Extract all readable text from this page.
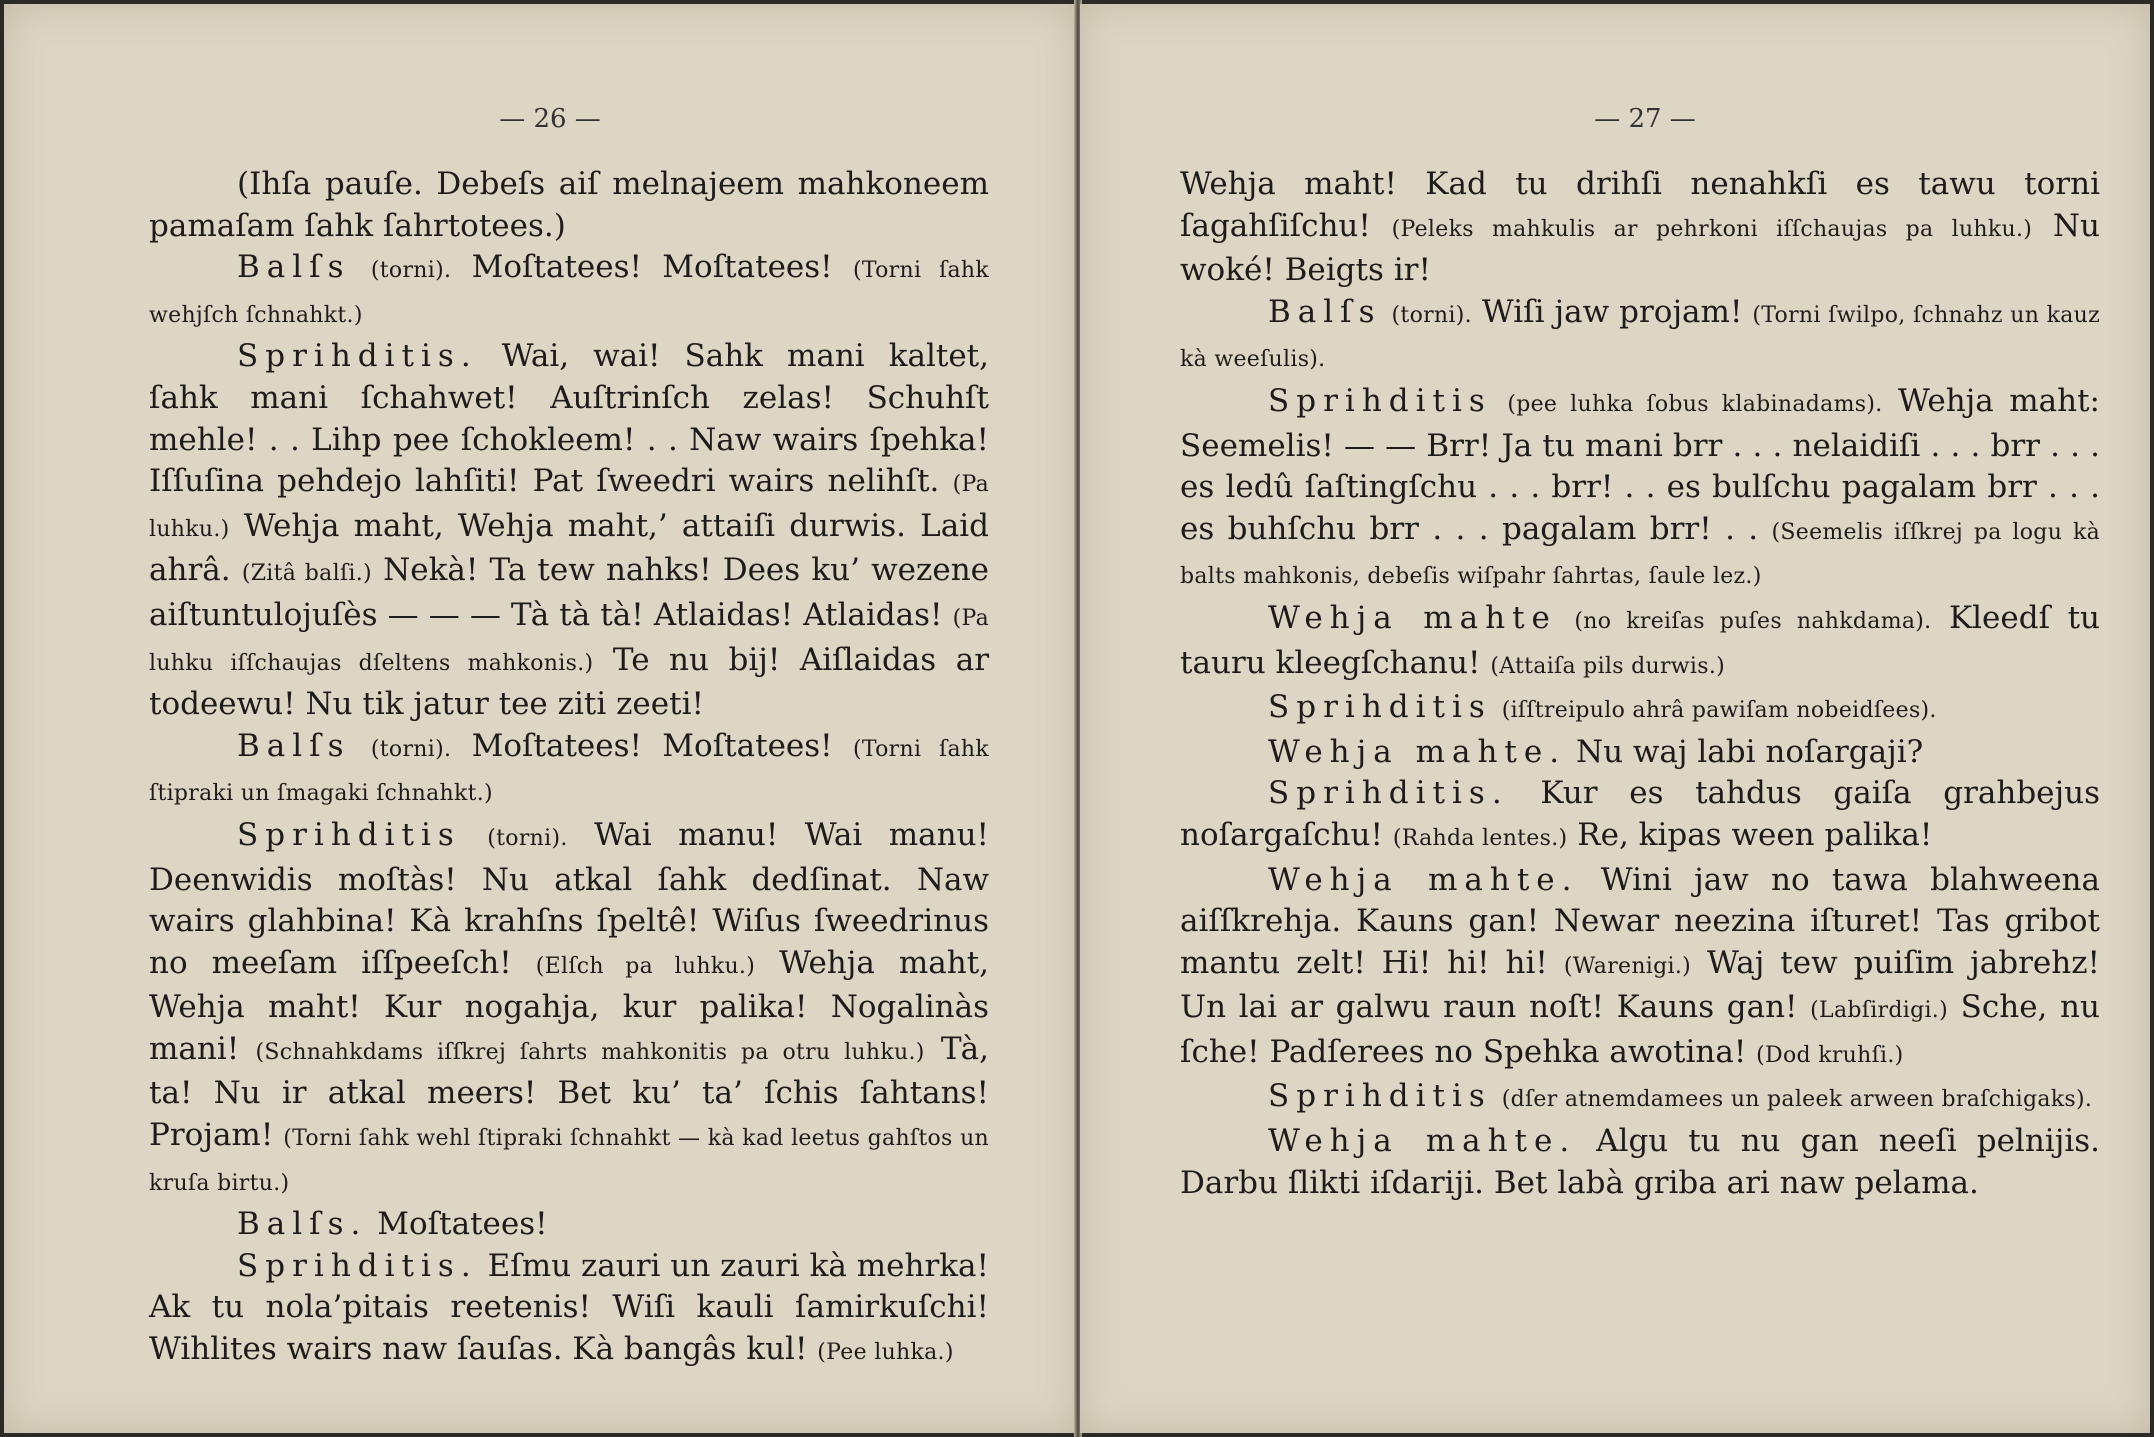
— 26 —

(Ihſa pauſe. Debeſs aiſ melnajeem mahkoneem pamaſam ſahk ſahrtotees.)

Balſs (torni). Moſtatees! Moſtatees! (Torni ſahk wehjſch ſchnahkt.)

Sprihditis. Wai, wai! Sahk mani kaltet, ſahk mani ſchahwet! Auſtrinſch zelas! Schuhſt mehle! . . Lihp pee ſchokleem! . . Naw wairs ſpehka! Iſſuſina pehdejo lahſiti! Pat ſweedri wairs nelihſt. (Pa luhku.) Wehja maht, Wehja maht,’ attaiſi durwis. Laid ahrâ. (Zitâ balſi.) Nekà! Ta tew nahks! Dees ku’ wezene aiſtuntulojuſès — — — Tà tà tà! Atlaidas! Atlaidas! (Pa luhku iſſchaujas dſeltens mahkonis.) Te nu bij! Aiſlaidas ar todeewu! Nu tik jatur tee ziti zeeti!

Balſs (torni). Moſtatees! Moſtatees! (Torni ſahk ſtipraki un ſmagaki ſchnahkt.)

Sprihditis (torni). Wai manu! Wai manu! Deenwidis moſtàs! Nu atkal ſahk dedſinat. Naw wairs glahbina! Kà krahſns ſpeltê! Wiſus ſweedrinus no meeſam iſſpeeſch! (Elſch pa luhku.) Wehja maht, Wehja maht! Kur nogahja, kur palika! Nogalinàs mani! (Schnahkdams iſſkrej ſahrts mahkonitis pa otru luhku.) Tà, ta! Nu ir atkal meers! Bet ku’ ta’ ſchis ſahtans! Projam! (Torni ſahk wehl ſtipraki ſchnahkt — kà kad leetus gahſtos un kruſa birtu.)

Balſs. Moſtatees!

Sprihditis. Eſmu zauri un zauri kà mehrka! Ak tu nola’pitais reetenis! Wiſi kauli ſamirkuſchi! Wihlites wairs naw ſauſas. Kà bangâs kul! (Pee luhka.)

— 27 —

Wehja maht! Kad tu drihſi nenahkſi es tawu torni ſagahſiſchu! (Peleks mahkulis ar pehrkoni iſſchaujas pa luhku.) Nu woké! Beigts ir!

Balſs (torni). Wiſi jaw projam! (Torni ſwilpo, ſchnahz un kauz kà weeſulis).

Sprihditis (pee luhka ſobus klabinadams). Wehja maht: Seemelis! — — Brr! Ja tu mani brr . . . nelaidiſi . . . brr . . . es ledû ſaſtingſchu . . . brr! . . es bulſchu pagalam brr . . . es buhſchu brr . . . pagalam brr! . . (Seemelis iſſkrej pa logu kà balts mahkonis, debeſis wiſpahr ſahrtas, ſaule lez.)

Wehja mahte (no kreiſas puſes nahkdama). Kleedſ tu tauru kleegſchanu! (Attaiſa pils durwis.)

Sprihditis (iſſtreipulo ahrâ pawiſam nobeidſees).

Wehja mahte. Nu waj labi noſargaji?

Sprihditis. Kur es tahdus gaiſa grahbejus noſargaſchu! (Rahda lentes.) Re, kipas ween palika!

Wehja mahte. Wini jaw no tawa blahweena aiſſkrehja. Kauns gan! Newar neezina iſturet! Tas gribot mantu zelt! Hi! hi! hi! (Warenigi.) Waj tew puiſim jabrehz! Un lai ar galwu raun noſt! Kauns gan! (Labſirdigi.) Sche, nu ſche! Padſerees no Spehka awotina! (Dod kruhſi.)

Sprihditis (dſer atnemdamees un paleek arween braſchigaks).

Wehja mahte. Algu tu nu gan neeſi pelnijis. Darbu ſlikti iſdariji. Bet labà griba ari naw pelama.
